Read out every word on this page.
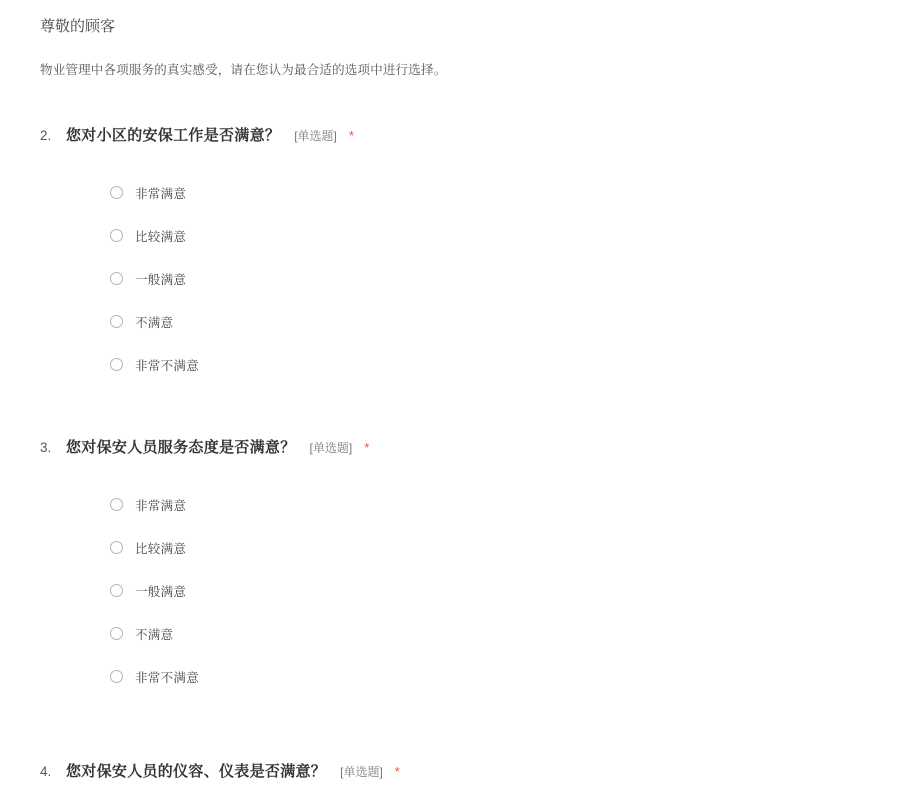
尊敬的顾客
物业管理中各项服务的真实感受，请在您认为最合适的选项中进行选择。
2. 您对小区的安保工作是否满意？ [单选题] *
非常满意
比较满意
一般满意
不满意
非常不满意
3. 您对保安人员服务态度是否满意？ [单选题] *
非常满意
比较满意
一般满意
不满意
非常不满意
4. 您对保安人员的仪容、仪表是否满意？ [单选题] *
